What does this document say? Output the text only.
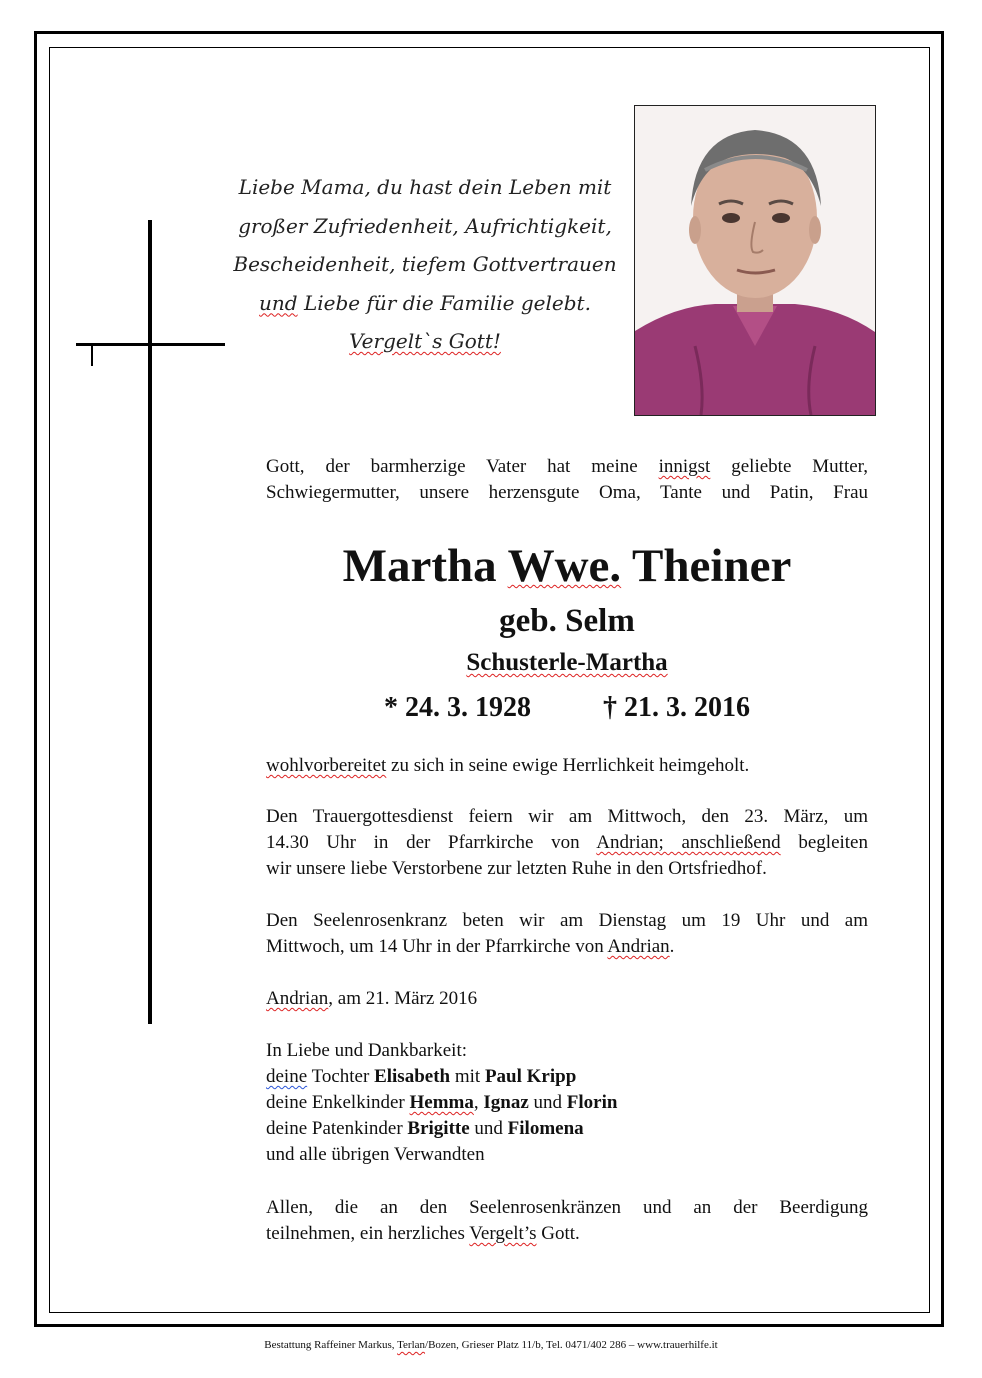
Liebe Mama, du hast dein Leben mit
großer Zufriedenheit, Aufrichtigkeit,
Bescheidenheit, tiefem Gottvertrauen
und Liebe für die Familie gelebt.
Vergelt`s Gott!
Gott, der barmherzige Vater hat meine innigst geliebte Mutter,
Schwiegermutter, unsere herzensgute Oma, Tante und Patin, Frau
Martha Wwe. Theiner
geb. Selm
Schusterle-Martha
* 24. 3. 1928	† 21. 3. 2016
wohlvorbereitet zu sich in seine ewige Herrlichkeit heimgeholt.
Den Trauergottesdienst feiern wir am Mittwoch, den 23. März, um
14.30 Uhr in der Pfarrkirche von Andrian; anschließend begleiten
wir unsere liebe Verstorbene zur letzten Ruhe in den Ortsfriedhof.
Den Seelenrosenkranz beten wir am Dienstag um 19 Uhr und am
Mittwoch, um 14 Uhr in der Pfarrkirche von Andrian.
Andrian, am 21. März 2016
In Liebe und Dankbarkeit:
deine Tochter Elisabeth mit Paul Kripp
deine Enkelkinder Hemma, Ignaz und Florin
deine Patenkinder Brigitte und Filomena
und alle übrigen Verwandten
Allen, die an den Seelenrosenkränzen und an der Beerdigung
teilnehmen, ein herzliches Vergelt’s Gott.
Bestattung Raffeiner Markus, Terlan/Bozen, Grieser Platz 11/b, Tel. 0471/402 286 – www.trauerhilfe.it
